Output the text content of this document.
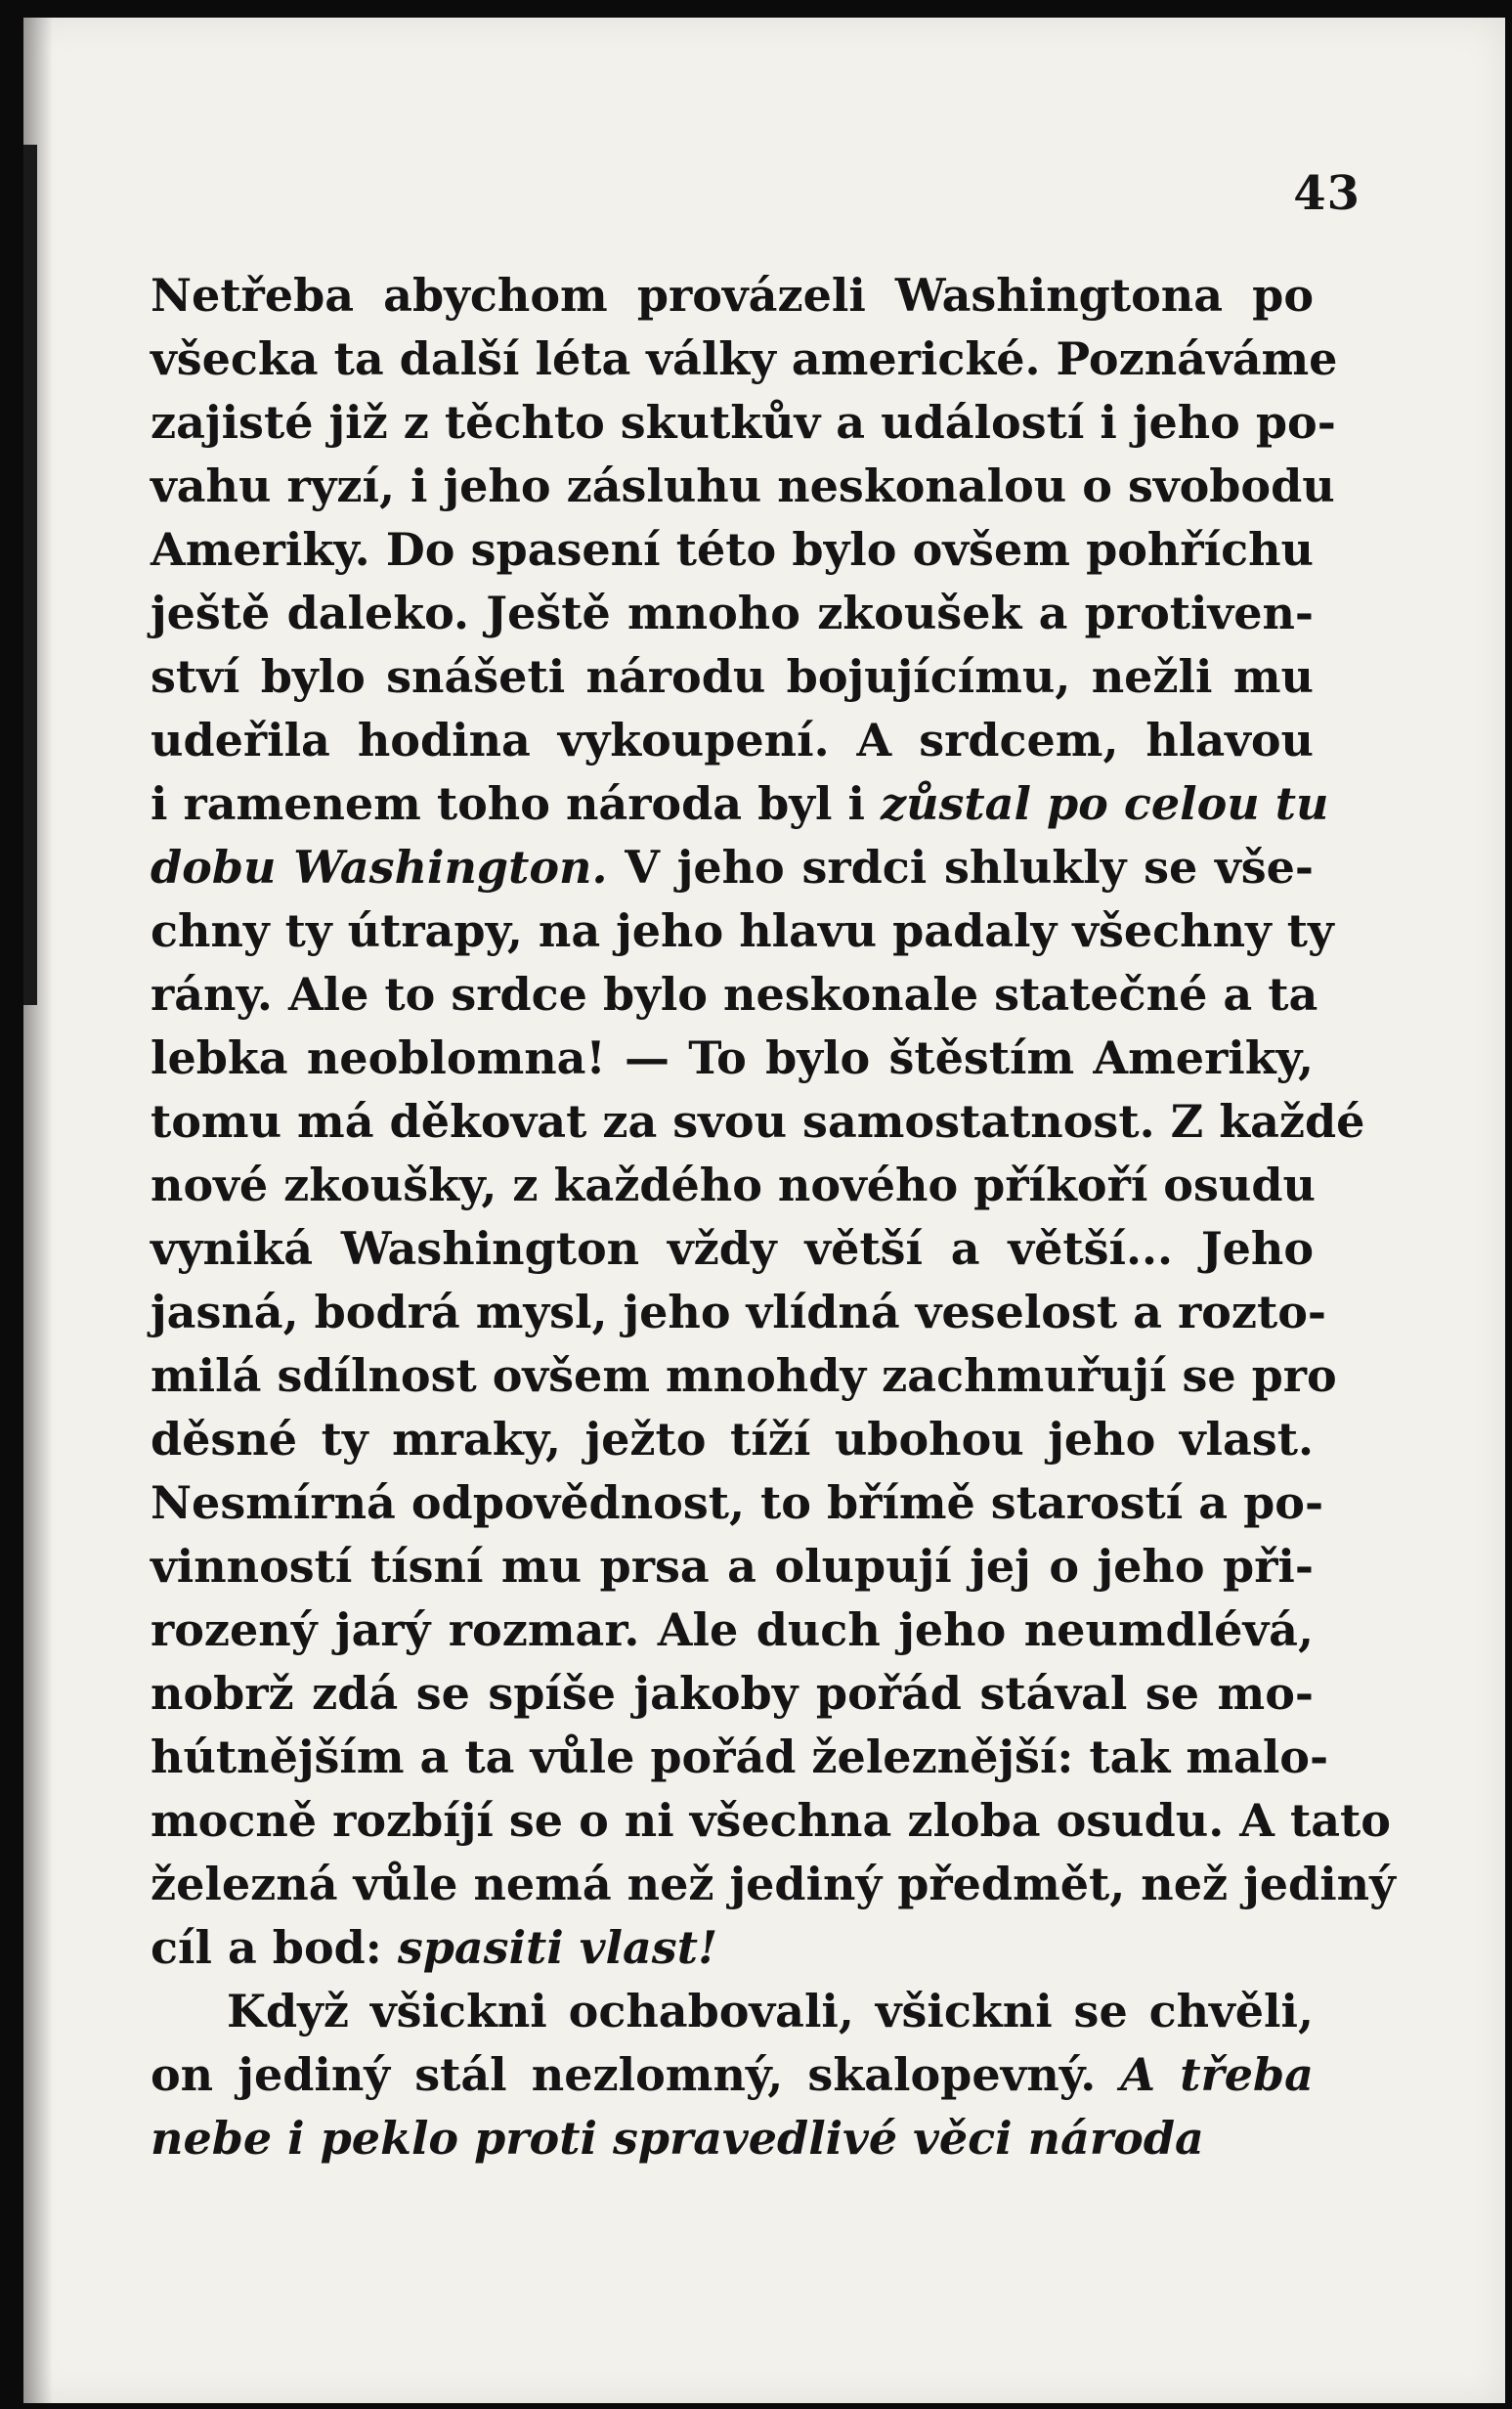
43
Netřeba abychom provázeli Washingtona po
všecka ta další léta války americké. Poznáváme
zajisté již z těchto skutkův a událostí i jeho po-
vahu ryzí, i jeho zásluhu neskonalou o svobodu
Ameriky. Do spasení této bylo ovšem pohříchu
ještě daleko. Ještě mnoho zkoušek a protiven-
ství bylo snášeti národu bojujícímu, nežli mu
udeřila hodina vykoupení. A srdcem, hlavou
i ramenem toho národa byl i zůstal po celou tu
dobu Washington. V jeho srdci shlukly se vše-
chny ty útrapy, na jeho hlavu padaly všechny ty
rány. Ale to srdce bylo neskonale statečné a ta
lebka neoblomna! — To bylo štěstím Ameriky,
tomu má děkovat za svou samostatnost. Z každé
nové zkoušky, z každého nového příkoří osudu
vyniká Washington vždy větší a větší... Jeho
jasná, bodrá mysl, jeho vlídná veselost a rozto-
milá sdílnost ovšem mnohdy zachmuřují se pro
děsné ty mraky, ježto tíží ubohou jeho vlast.
Nesmírná odpovědnost, to břímě starostí a po-
vinností tísní mu prsa a olupují jej o jeho při-
rozený jarý rozmar. Ale duch jeho neumdlévá,
nobrž zdá se spíše jakoby pořád stával se mo-
hútnějším a ta vůle pořád železnější: tak malo-
mocně rozbíjí se o ni všechna zloba osudu. A tato
železná vůle nemá než jediný předmět, než jediný
cíl a bod: spasiti vlast!
Když všickni ochabovali, všickni se chvěli,
on jediný stál nezlomný, skalopevný. A třeba
nebe i peklo proti spravedlivé věci národa
